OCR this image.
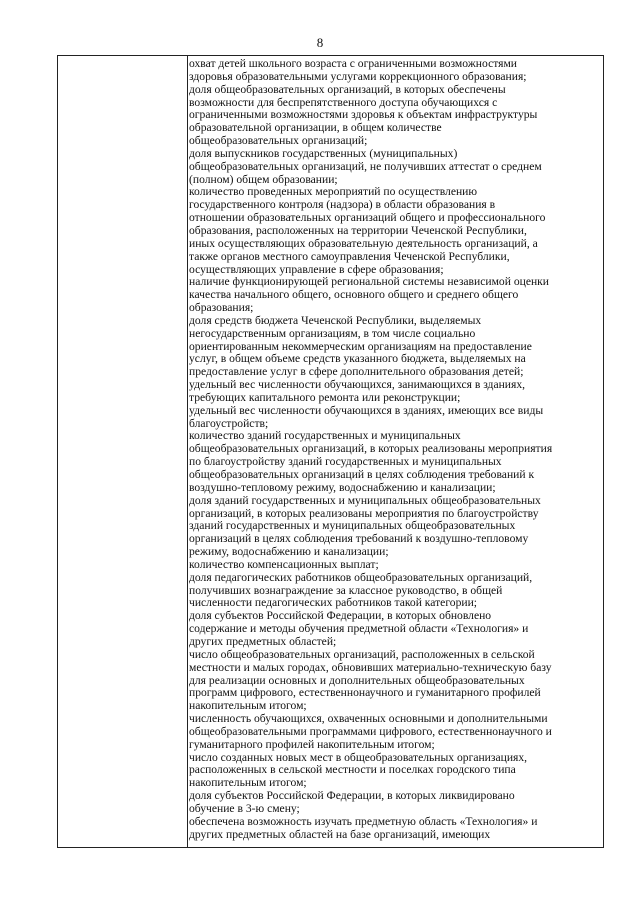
8
охват детей школьного возраста с ограниченными возможностями
здоровья образовательными услугами коррекционного образования;
доля общеобразовательных организаций, в которых обеспечены
возможности для беспрепятственного доступа обучающихся с
ограниченными возможностями здоровья к объектам инфраструктуры
образовательной организации, в общем количестве
общеобразовательных организаций;
доля выпускников государственных (муниципальных)
общеобразовательных организаций, не получивших аттестат о среднем
(полном) общем образовании;
количество проведенных мероприятий по осуществлению
государственного контроля (надзора) в области образования в
отношении образовательных организаций общего и профессионального
образования, расположенных на территории Чеченской Республики,
иных осуществляющих образовательную деятельность организаций, а
также органов местного самоуправления Чеченской Республики,
осуществляющих управление в сфере образования;
наличие функционирующей региональной системы независимой оценки
качества начального общего, основного общего и среднего общего
образования;
доля средств бюджета Чеченской Республики, выделяемых
негосударственным организациям, в том числе социально
ориентированным некоммерческим организациям на предоставление
услуг, в общем объеме средств указанного бюджета, выделяемых на
предоставление услуг в сфере дополнительного образования детей;
удельный вес численности обучающихся, занимающихся в зданиях,
требующих капитального ремонта или реконструкции;
удельный вес численности обучающихся в зданиях, имеющих все виды
благоустройств;
количество зданий государственных и муниципальных
общеобразовательных организаций, в которых реализованы мероприятия
по благоустройству зданий государственных и муниципальных
общеобразовательных организаций в целях соблюдения требований к
воздушно-тепловому режиму, водоснабжению и канализации;
доля зданий государственных и муниципальных общеобразовательных
организаций, в которых реализованы мероприятия по благоустройству
зданий государственных и муниципальных общеобразовательных
организаций в целях соблюдения требований к воздушно-тепловому
режиму, водоснабжению и канализации;
количество компенсационных выплат;
доля педагогических работников общеобразовательных организаций,
получивших вознаграждение за классное руководство, в общей
численности педагогических работников такой категории;
доля субъектов Российской Федерации, в которых обновлено
содержание и методы обучения предметной области «Технология» и
других предметных областей;
число общеобразовательных организаций, расположенных в сельской
местности и малых городах, обновивших материально-техническую базу
для реализации основных и дополнительных общеобразовательных
программ цифрового, естественнонаучного и гуманитарного профилей
накопительным итогом;
численность обучающихся, охваченных основными и дополнительными
общеобразовательными программами цифрового, естественнонаучного и
гуманитарного профилей накопительным итогом;
число созданных новых мест в общеобразовательных организациях,
расположенных в сельской местности и поселках городского типа
накопительным итогом;
доля субъектов Российской Федерации, в которых ликвидировано
обучение в 3-ю смену;
обеспечена возможность изучать предметную область «Технология» и
других предметных областей на базе организаций, имеющих
